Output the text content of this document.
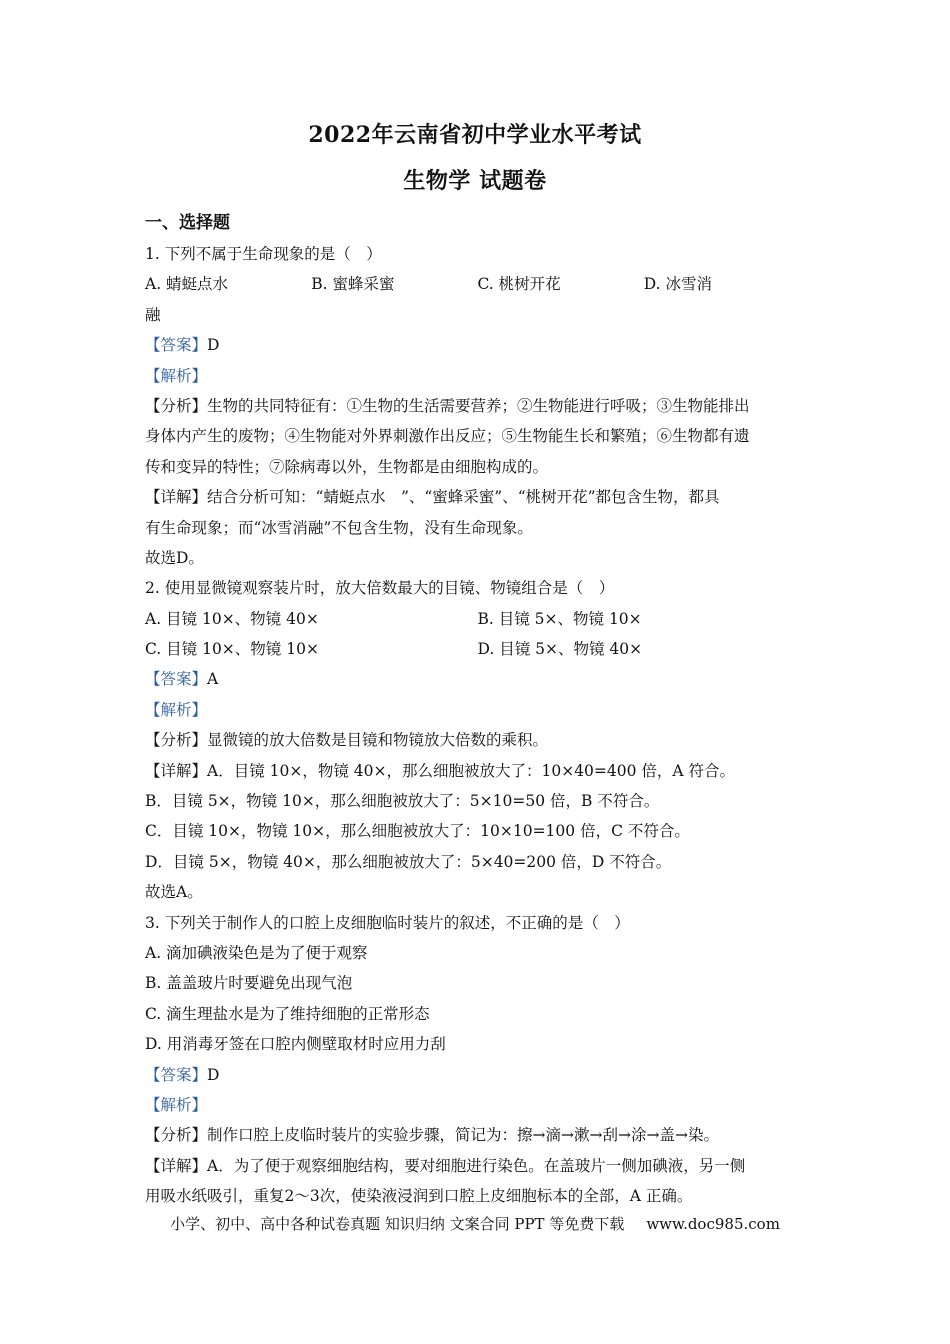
2022年云南省初中学业水平考试
生物学 试题卷
一、选择题
1. 下列不属于生命现象的是（　）
A. 蜻蜓点水	B. 蜜蜂采蜜	C. 桃树开花	D. 冰雪消
融
【答案】D
【解析】
【分析】生物的共同特征有：①生物的生活需要营养；②生物能进行呼吸；③生物能排出
身体内产生的废物；④生物能对外界刺激作出反应；⑤生物能生长和繁殖；⑥生物都有遗
传和变异的特性；⑦除病毒以外，生物都是由细胞构成的。
【详解】结合分析可知：“蜻蜓点水　”、“蜜蜂采蜜”、“桃树开花”都包含生物，都具
有生命现象；而“冰雪消融”不包含生物，没有生命现象。
故选D。
2. 使用显微镜观察装片时，放大倍数最大的目镜、物镜组合是（　）
A. 目镜 10×、物镜 40×	B. 目镜 5×、物镜 10×
C. 目镜 10×、物镜 10×	D. 目镜 5×、物镜 40×
【答案】A
【解析】
【分析】显微镜的放大倍数是目镜和物镜放大倍数的乘积。
【详解】A．目镜 10×，物镜 40×，那么细胞被放大了：10×40=400 倍，A 符合。
B．目镜 5×，物镜 10×，那么细胞被放大了：5×10=50 倍，B 不符合。
C．目镜 10×，物镜 10×，那么细胞被放大了：10×10=100 倍，C 不符合。
D．目镜 5×，物镜 40×，那么细胞被放大了：5×40=200 倍，D 不符合。
故选A。
3. 下列关于制作人的口腔上皮细胞临时装片的叙述，不正确的是（　）
A. 滴加碘液染色是为了便于观察
B. 盖盖玻片时要避免出现气泡
C. 滴生理盐水是为了维持细胞的正常形态
D. 用消毒牙签在口腔内侧壁取材时应用力刮
【答案】D
【解析】
【分析】制作口腔上皮临时装片的实验步骤，简记为：擦→滴→漱→刮→涂→盖→染。
【详解】A．为了便于观察细胞结构，要对细胞进行染色。在盖玻片一侧加碘液，另一侧
用吸水纸吸引，重复2～3次，使染液浸润到口腔上皮细胞标本的全部，A 正确。
小学、初中、高中各种试卷真题 知识归纳 文案合同 PPT 等免费下载 www.doc985.com
